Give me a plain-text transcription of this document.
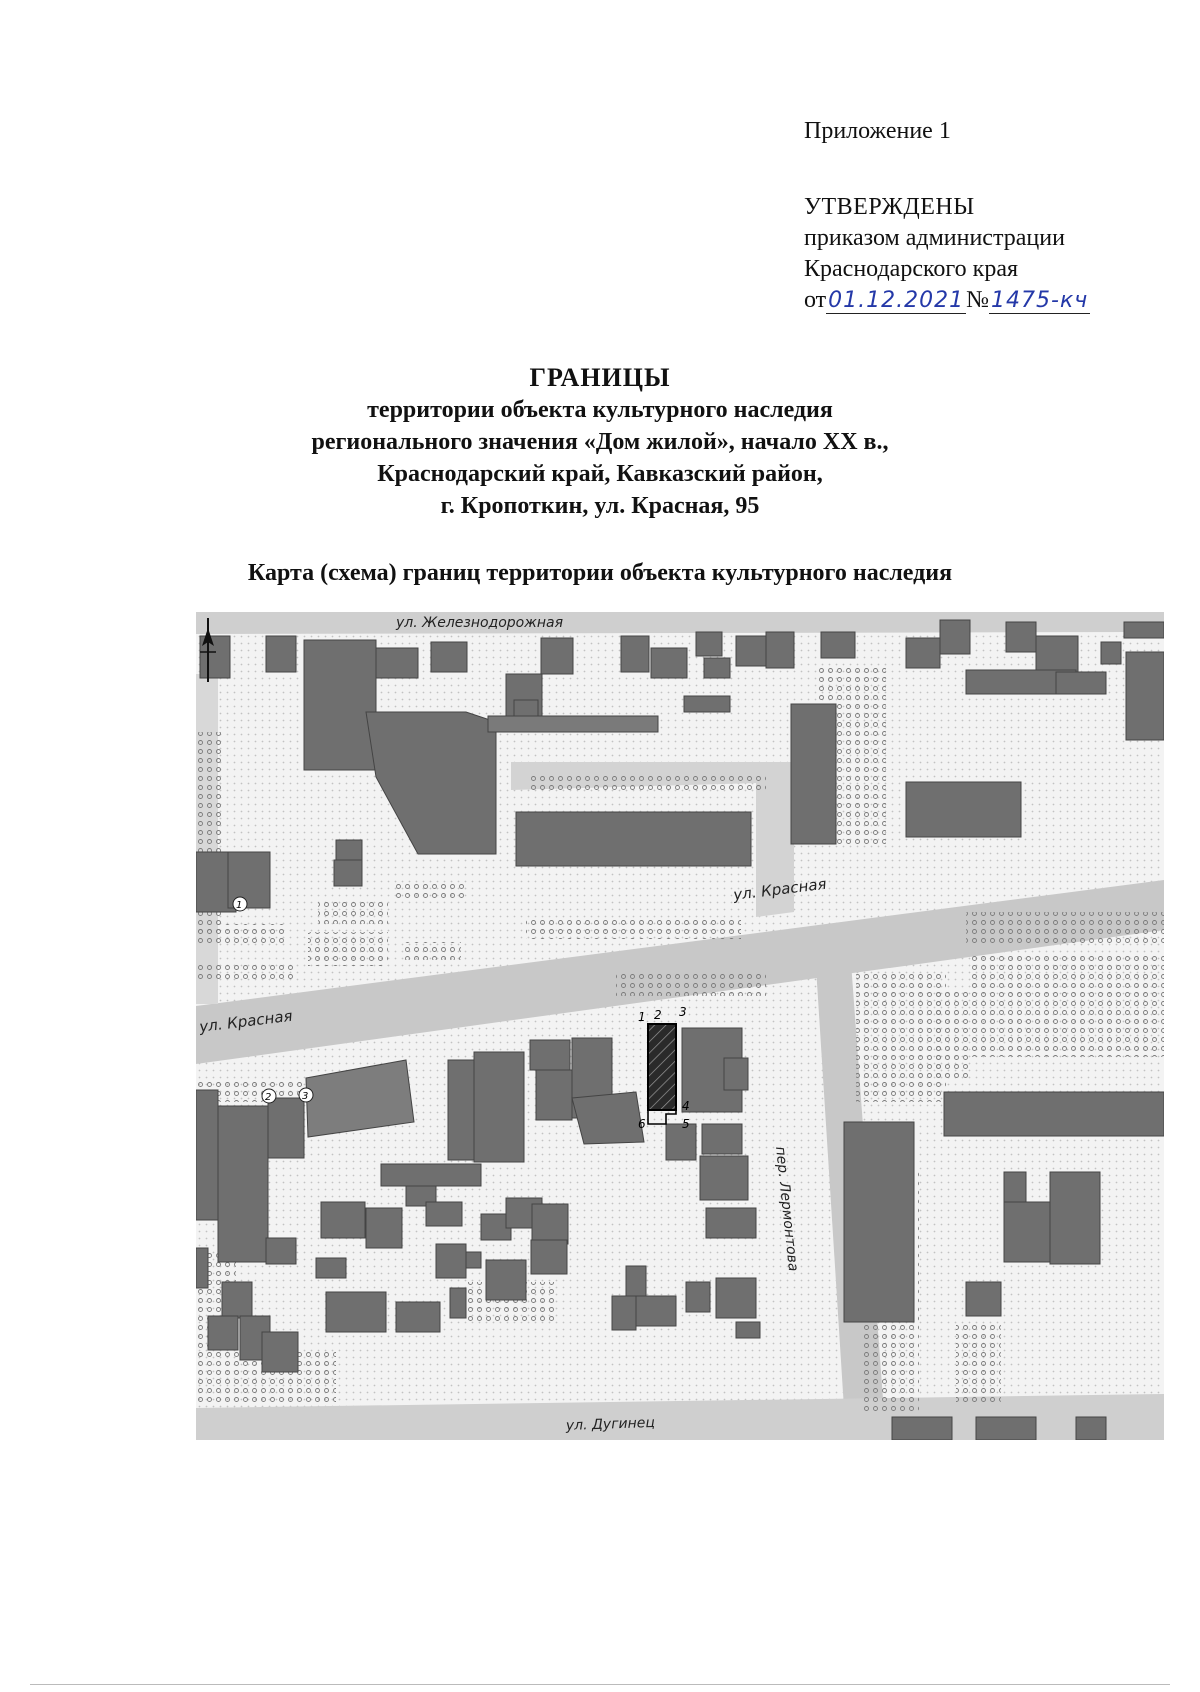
Приложение 1
УТВЕРЖДЕНЫ
приказом администрации
Краснодарского края
от01.12.2021№1475-кч
ГРАНИЦЫ
территории объекта культурного наследия
регионального значения «Дом жилой», начало XX в.,
Краснодарский край, Кавказский район,
г. Кропоткин, ул. Красная, 95
Карта (схема) границ территории объекта культурного наследия
1 2 3
4
5
6
1
2	3
ул. Железнодорожная
ул. Красная
ул. Красная
пер. Лермонтова
ул. Дугинец
